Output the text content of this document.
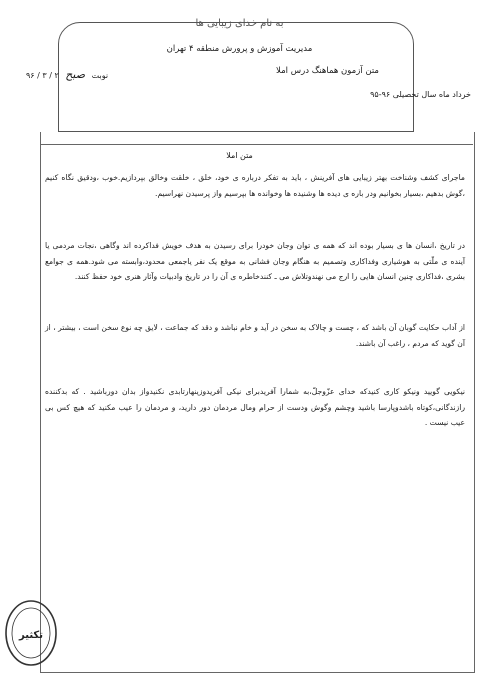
به نام خدای زیبایی ها
مدیریت آموزش و پرورش منطقه ۴ تهران
متن آزمون هماهنگ درس املا
نوبت صبح ۲ / ۳ / ۹۶
خرداد ماه سال تحصیلی ۹۶-۹۵
متن املا
ماجرای کشف وشناخت بهتر زیبایی های آفرینش ، باید به تفکر درباره ی خود، خلق ، خلقت وخالق بپردازیم.خوب ،ودقیق نگاه کنیم ،گوش بدهیم ،بسیار بخوانیم ودر باره ی دیده ها وشنیده ها وخوانده ها بپرسیم واز پرسیدن نهراسیم.
در تاریخ ،انسان ها ی بسیار بوده اند که همه ی توان وجان خودرا برای رسیدن به هدف خویش فداکرده اند وگاهی ،نجات مردمی یا آینده ی ملّتی به هوشیاری وفداکاری وتصمیم به هنگام وجان فشانی به موقع یک نفر یاجمعی محدود،وابسته می شود.همه ی جوامع بشری ،فداکاری چنین انسان هایی را ارج می نهندوتلاش می ـ کنندخاطره ی آن را در تاریخ وادبیات وآثار هنری خود حفظ کنند.
از آداب حکایت گوبان آن باشد که ، چست و چالاک به سخن در آید و خام نباشد و دقد که جماعت ، لایق چه نوع سخن است ، بیشتر ، از آن گوید که مردم ، راغب آن باشند.
نیکویی گویید ونیکو کاری کنیدکه خدای عزّوجلّ،به شمارا آفریدبرای نیکی آفریدوزینهارتابدی نکنیدواز بدان دورباشید . که بدکننده رازندگانی،کوتاه باشدوپارسا باشید وچشم وگوش ودست از حرام ومال مردمان دور دارید، و مردمان را عیب مکنید که هیچ کس بی عیب نیست .
تکثیر
